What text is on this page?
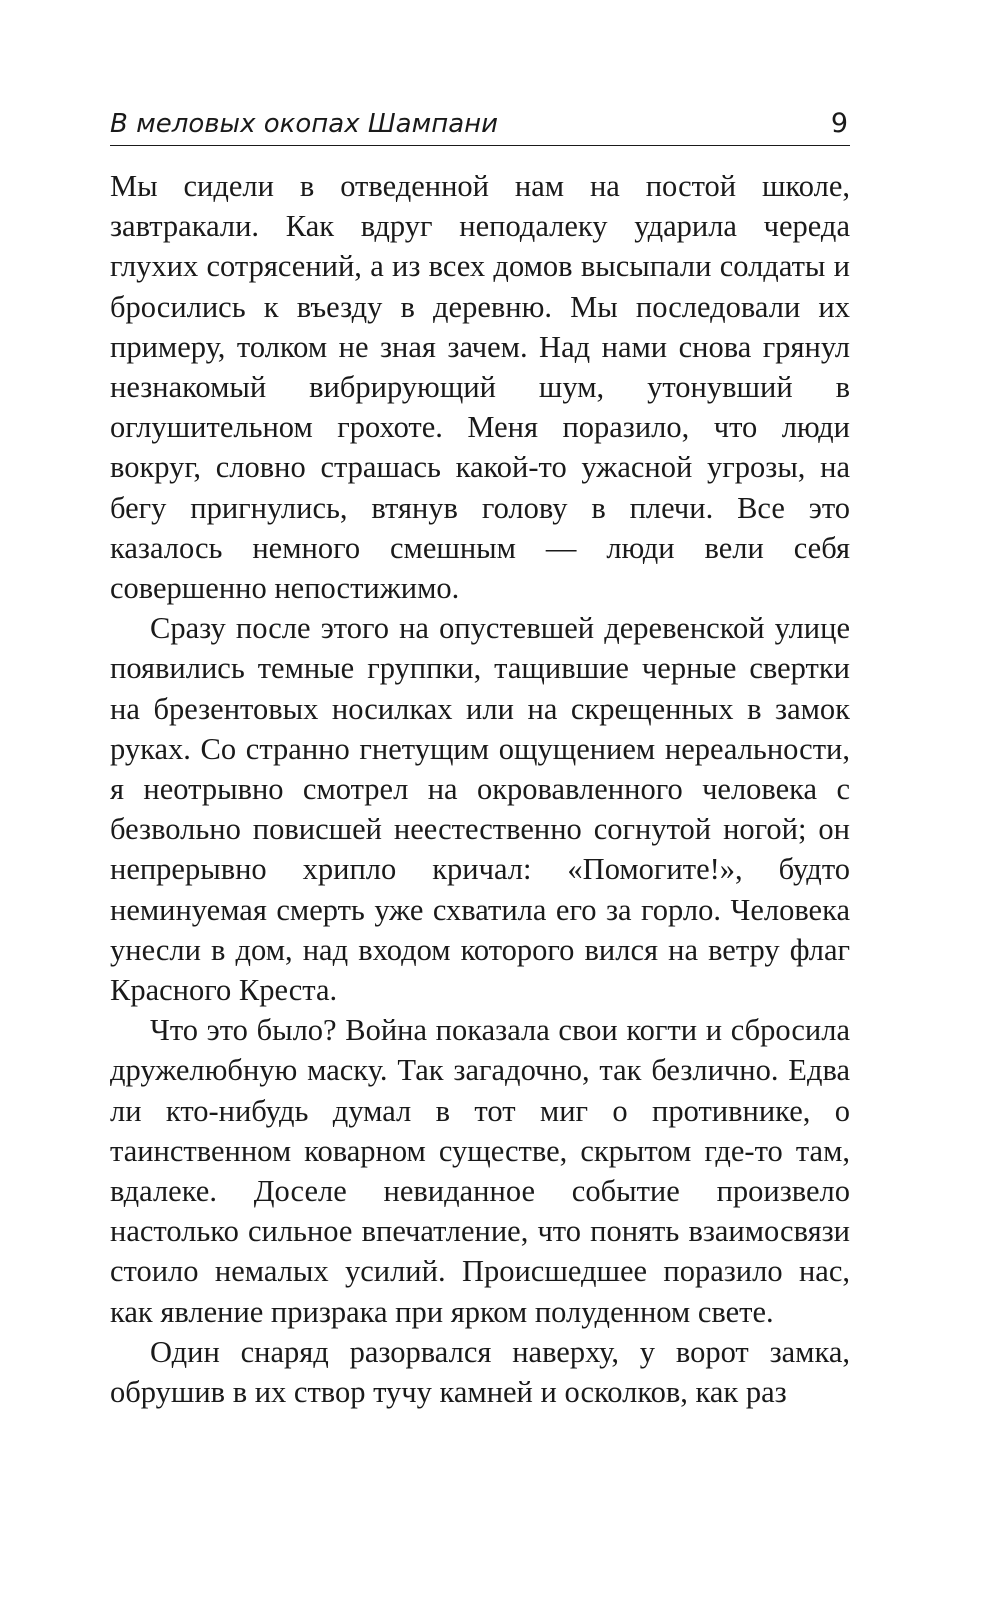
В меловых окопах Шампани	9

Мы сидели в отведенной нам на постой школе, завтракали. Как вдруг неподалеку ударила череда глухих сотрясений, а из всех домов высыпали солдаты и бросились к въезду в деревню. Мы последовали их примеру, толком не зная зачем. Над нами снова грянул незнакомый вибрирующий шум, утонувший в оглушительном грохоте. Меня поразило, что люди вокруг, словно страшась какой-то ужасной угрозы, на бегу пригнулись, втянув голову в плечи. Все это казалось немного смешным — люди вели себя совершенно непостижимо.

Сразу после этого на опустевшей деревенской улице появились темные группки, тащившие черные свертки на брезентовых носилках или на скрещенных в замок руках. Со странно гнетущим ощущением нереальности, я неотрывно смотрел на окровавленного человека с безвольно повисшей неестественно согнутой ногой; он непрерывно хрипло кричал: «Помогите!», будто неминуемая смерть уже схватила его за горло. Человека унесли в дом, над входом которого вился на ветру флаг Красного Креста.

Что это было? Война показала свои когти и сбросила дружелюбную маску. Так загадочно, так безлично. Едва ли кто-нибудь думал в тот миг о противнике, о таинственном коварном существе, скрытом где-то там, вдалеке. Доселе невиданное событие произвело настолько сильное впечатление, что понять взаимосвязи стоило немалых усилий. Происшедшее поразило нас, как явление призрака при ярком полуденном свете.

Один снаряд разорвался наверху, у ворот замка, обрушив в их створ тучу камней и осколков, как раз
